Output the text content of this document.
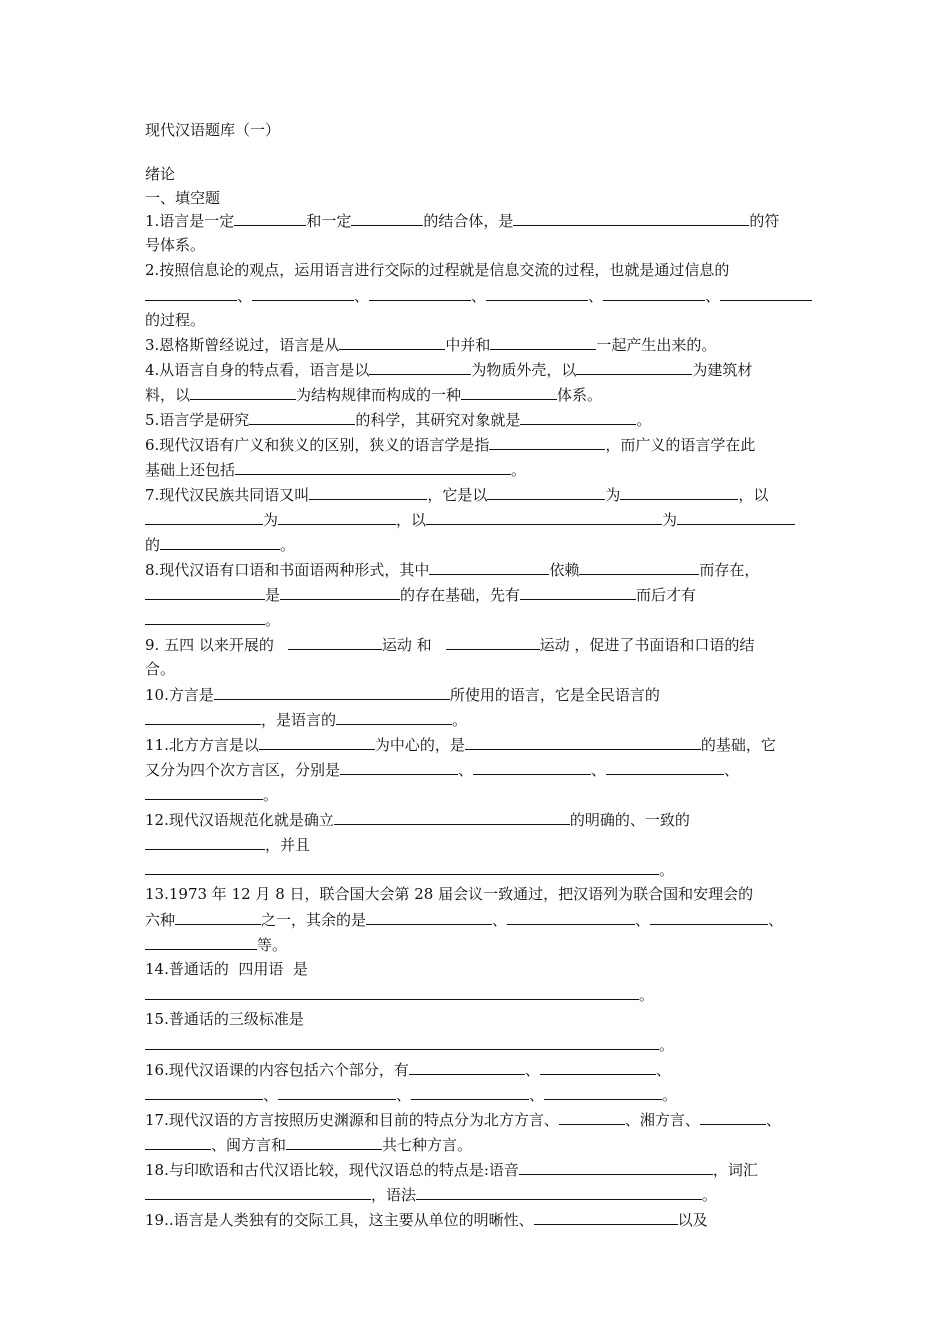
现代汉语题库（一）
绪论
一、填空题
1.语言是一定	和一定	的结合体，是	的符
号体系。
2.按照信息论的观点，运用语言进行交际的过程就是信息交流的过程，也就是通过信息的
、	、	、	、	、
的过程。
3.恩格斯曾经说过，语言是从	中并和	一起产生出来的。
4.从语言自身的特点看，语言是以	为物质外壳，以	为建筑材
料，以	为结构规律而构成的一种	体系。
5.语言学是研究	的科学，其研究对象就是	。
6.现代汉语有广义和狭义的区别，狭义的语言学是指	，而广义的语言学在此
基础上还包括	。
7.现代汉民族共同语又叫	，它是以	为	，以
为	，以	为
的	。
8.现代汉语有口语和书面语两种形式，其中	依赖	而存在，
是	的存在基础，先有	而后才有
。
9. 五四 以来开展的	运动 和	运动 ，促进了书面语和口语的结
合。
10.方言是	所使用的语言，它是全民语言的
，是语言的	。
11.北方方言是以	为中心的，是	的基础，它
又分为四个次方言区，分别是	、	、	、
。
12.现代汉语规范化就是确立	的明确的、一致的
，并且
。
13.1973 年 12 月 8 日，联合国大会第 28 届会议一致通过，把汉语列为联合国和安理会的
六种	之一，其余的是	、	、	、
等。
14.普通话的  四用语  是
。
15.普通话的三级标准是
。
16.现代汉语课的内容包括六个部分，有	、	、
、	、	、	。
17.现代汉语的方言按照历史渊源和目前的特点分为北方方言、	、湘方言、	、
、闽方言和	共七种方言。
18.与印欧语和古代汉语比较，现代汉语总的特点是:语音	，词汇
，语法	。
19..语言是人类独有的交际工具，这主要从单位的明晰性、	以及
